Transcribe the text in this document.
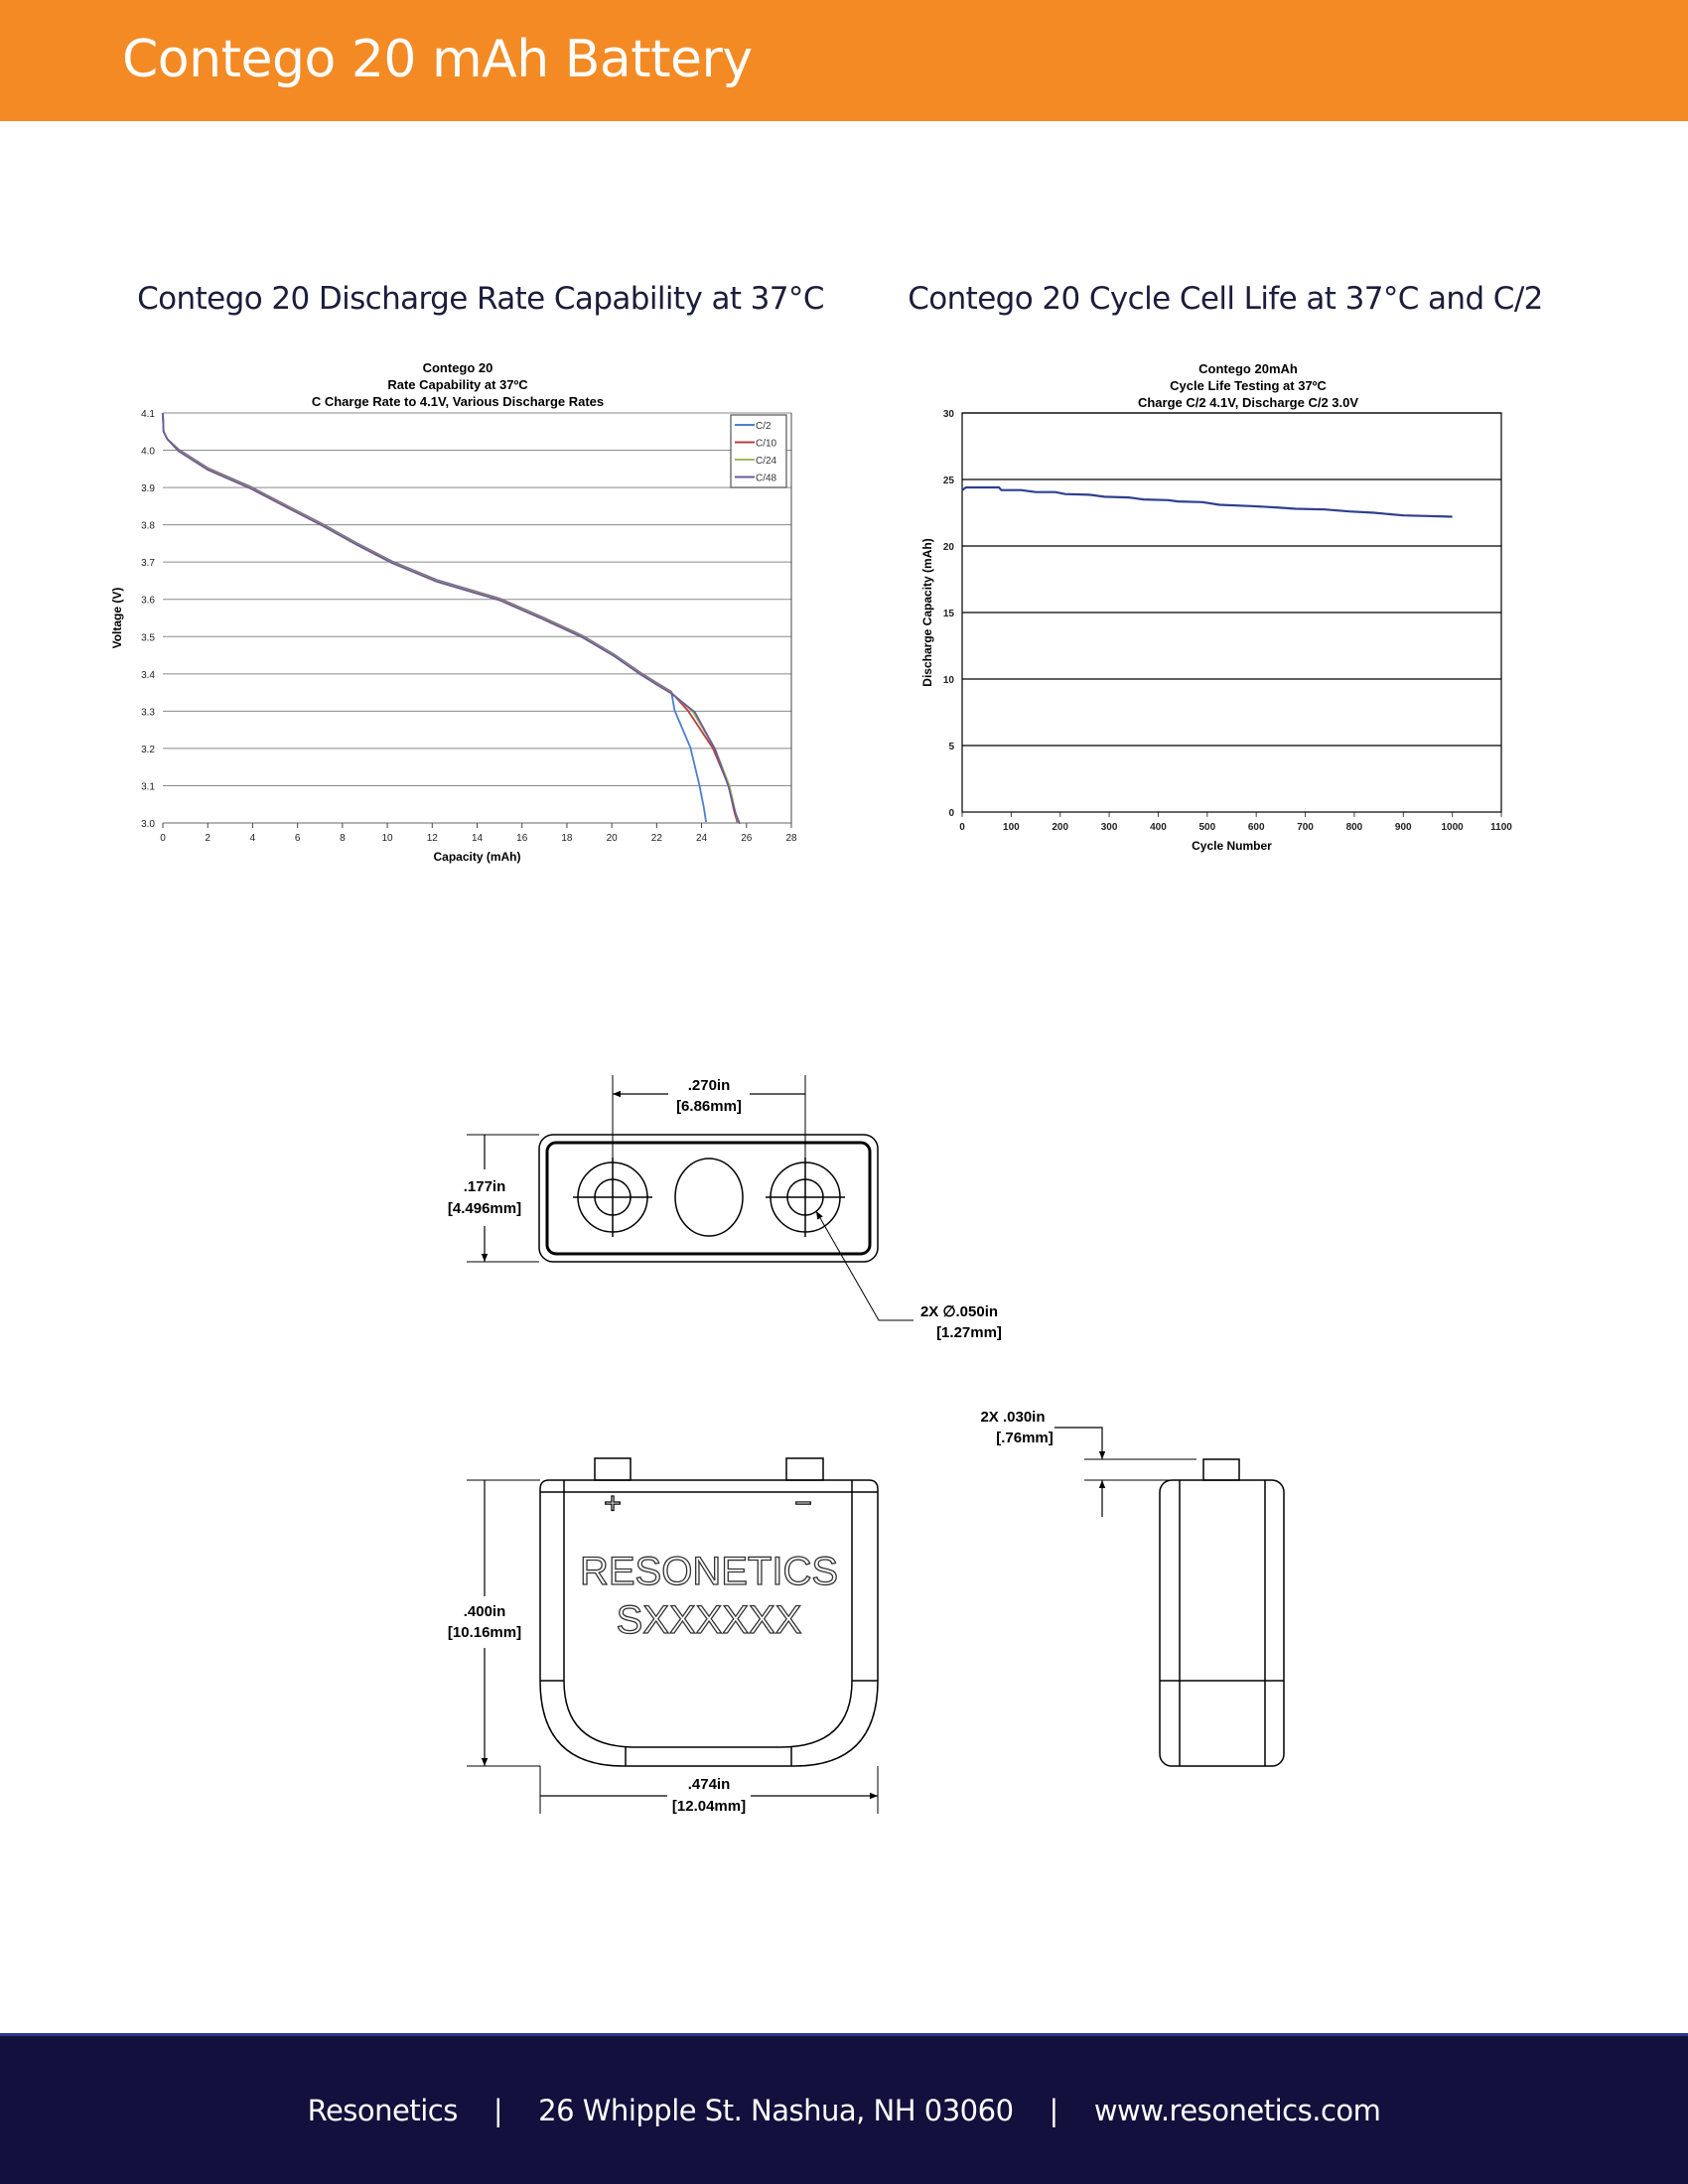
Contego 20 mAh Battery
Contego 20 Discharge Rate Capability at 37°C	Contego 20 Cycle Cell Life at 37°C and C/2
3.0
3.1
3.2
3.3
3.4
3.5
3.6
3.7
3.8
3.9
4.0
4.1
0	2	4	6	8	10	12	14	16	18	20	22	24	26	28
Contego 20
Rate Capability at 37ºC
C Charge Rate to 4.1V, Various Discharge Rates
Capacity (mAh)
Voltage (V)
C/2
C/10
C/24
C/48
0
5
10
15
20
25
30
0	100	200	300	400	500	600	700	800	900	1000	1100
Contego 20mAh
Cycle Life Testing at 37ºC
Charge C/2 4.1V, Discharge C/2 3.0V
Cycle Number
Discharge Capacity (mAh)
.270in
[6.86mm]
.177in
[4.496mm]
2X ∅.050in
[1.27mm]
+	−
RESONETICS
SXXXXXX
.400in
[10.16mm]
.474in
[12.04mm]
2X .030in
[.76mm]
Resonetics | 26 Whipple St. Nashua, NH 03060 | www.resonetics.com
